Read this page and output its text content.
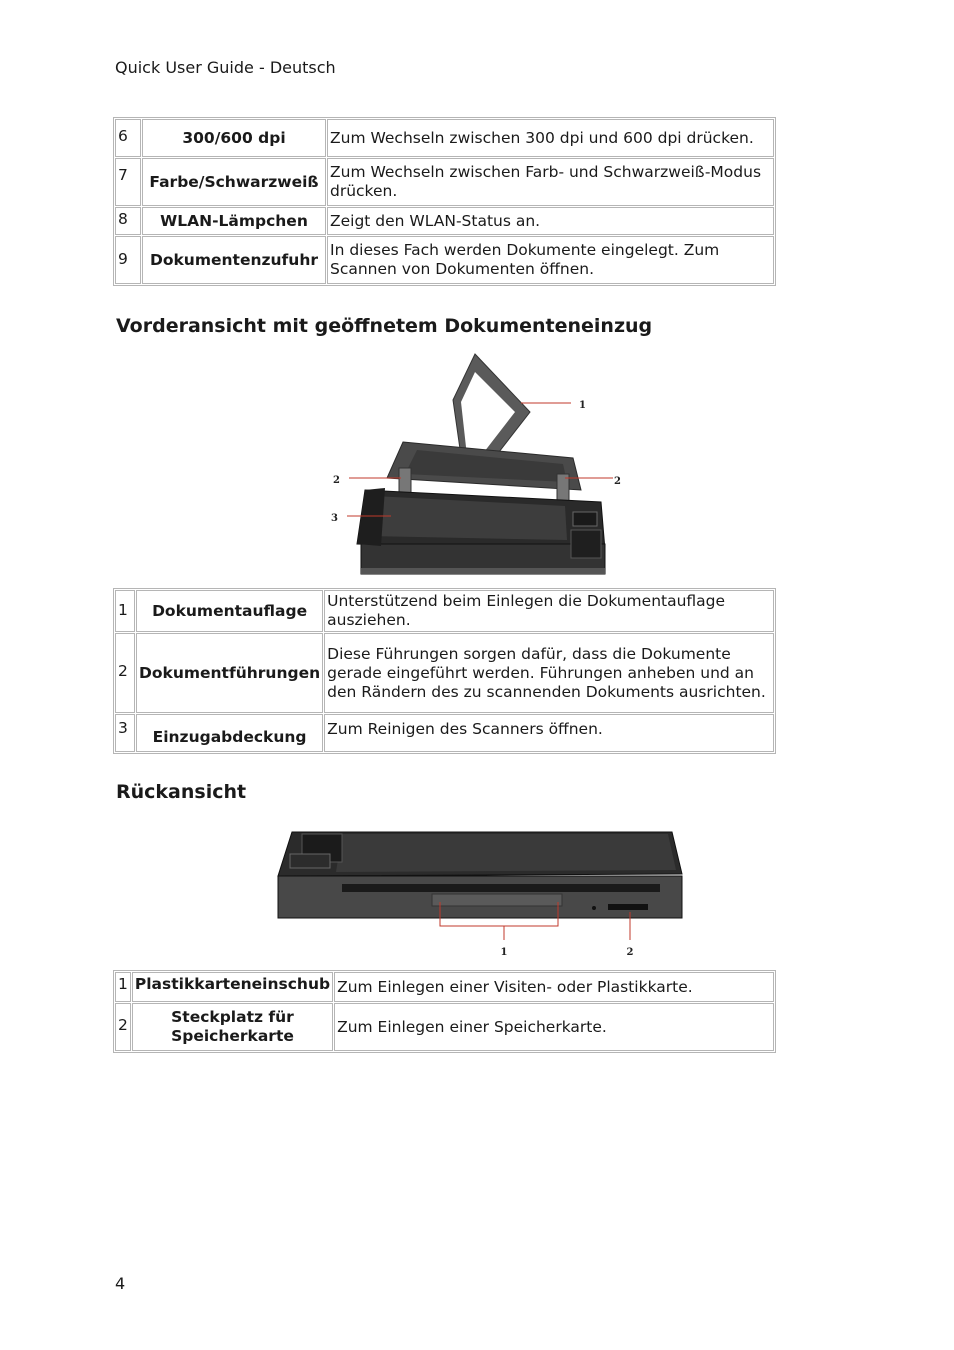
Quick User Guide - Deutsch
6	300/600 dpi	Zum Wechseln zwischen 300 dpi und 600 dpi drücken.
7	Farbe/Schwarzweiß	Zum Wechseln zwischen Farb- und Schwarzweiß-Modus drücken.
8	WLAN-Lämpchen	Zeigt den WLAN-Status an.
9	Dokumentenzufuhr	In dieses Fach werden Dokumente eingelegt. Zum Scannen von Dokumenten öffnen.
Vorderansicht mit geöffnetem Dokumenteneinzug
1
2	2
3
1	Dokumentauflage	Unterstützend beim Einlegen die Dokumentauflage ausziehen.
2	Dokumentführungen	Diese Führungen sorgen dafür, dass die Dokumente gerade eingeführt werden. Führungen anheben und an den Rändern des zu scannenden Dokuments ausrichten.
3	Einzugabdeckung	Zum Reinigen des Scanners öffnen.
Rückansicht
1	2
1	Plastikkarteneinschub	Zum Einlegen einer Visiten- oder Plastikkarte.
2	Steckplatz für Speicherkarte	Zum Einlegen einer Speicherkarte.
4
